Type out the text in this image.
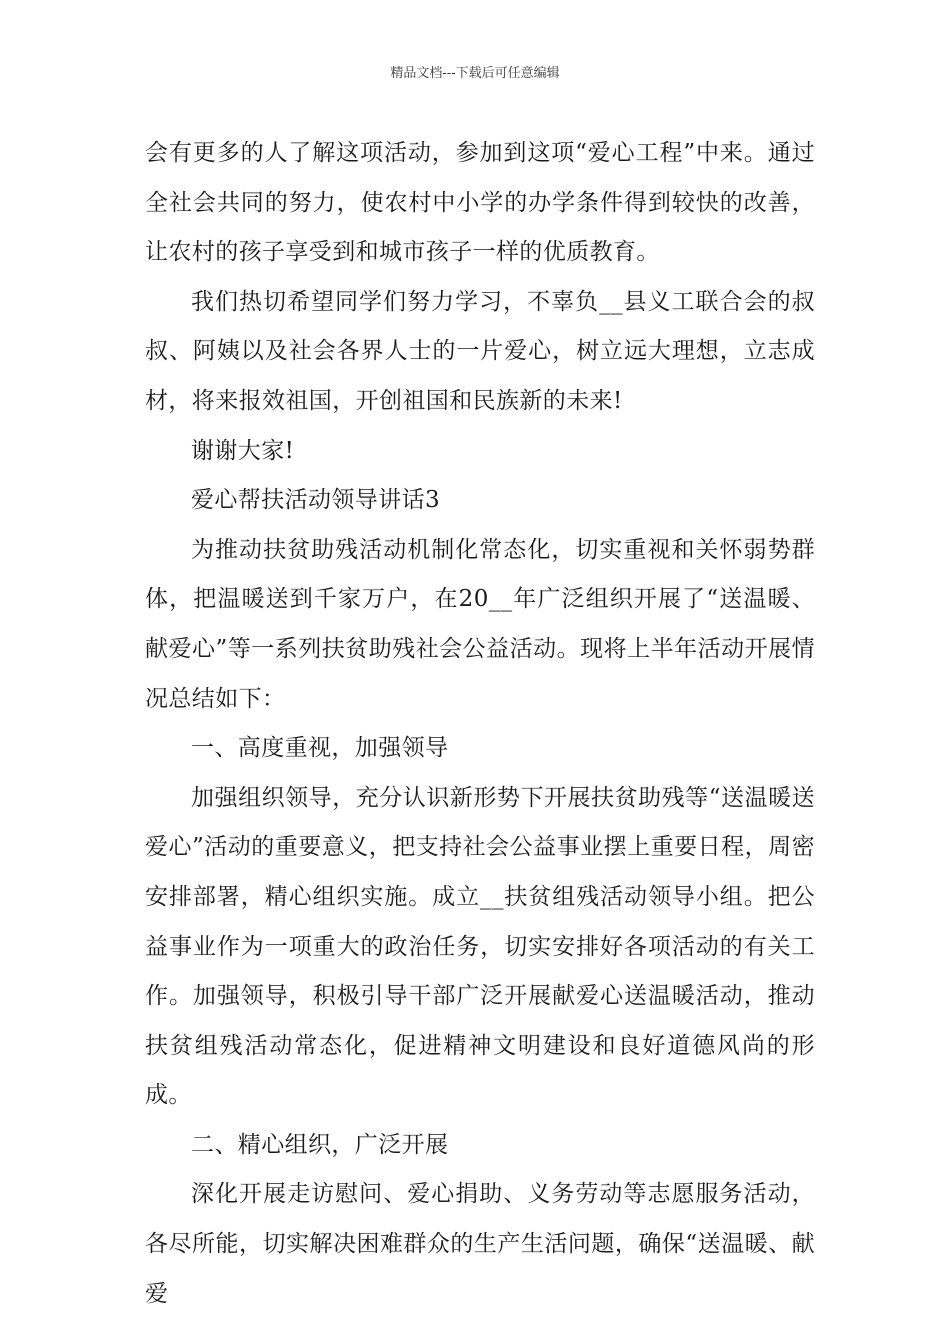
精品文档---下载后可任意编辑

会有更多的人了解这项活动，参加到这项“爱心工程”中来。通过全社会共同的努力，使农村中小学的办学条件得到较快的改善，让农村的孩子享受到和城市孩子一样的优质教育。

我们热切希望同学们努力学习，不辜负__县义工联合会的叔叔、阿姨以及社会各界人士的一片爱心，树立远大理想，立志成材，将来报效祖国，开创祖国和民族新的未来!

谢谢大家!

爱心帮扶活动领导讲话3

为推动扶贫助残活动机制化常态化，切实重视和关怀弱势群体，把温暖送到千家万户，在20__年广泛组织开展了“送温暖、献爱心”等一系列扶贫助残社会公益活动。现将上半年活动开展情况总结如下：

一、高度重视，加强领导

加强组织领导，充分认识新形势下开展扶贫助残等“送温暖送爱心”活动的重要意义，把支持社会公益事业摆上重要日程，周密安排部署，精心组织实施。成立__扶贫组残活动领导小组。把公益事业作为一项重大的政治任务，切实安排好各项活动的有关工作。加强领导，积极引导干部广泛开展献爱心送温暖活动，推动扶贫组残活动常态化，促进精神文明建设和良好道德风尚的形成。

二、精心组织，广泛开展

深化开展走访慰问、爱心捐助、义务劳动等志愿服务活动，各尽所能，切实解决困难群众的生产生活问题，确保“送温暖、献爱
